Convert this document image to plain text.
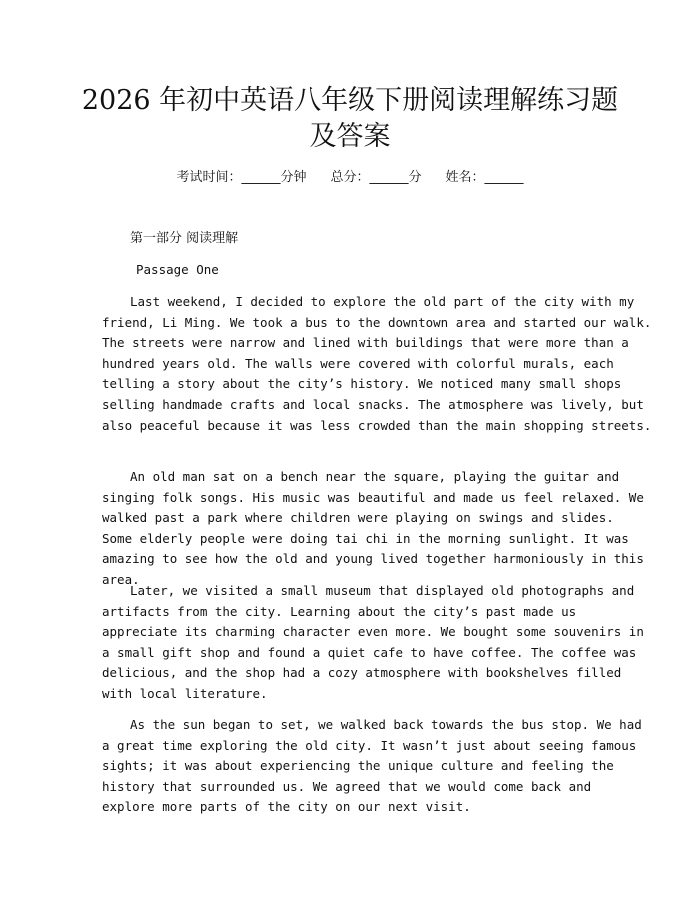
2026 年初中英语八年级下册阅读理解练习题
及答案
考试时间：______分钟 总分：______分 姓名：______
第一部分 阅读理解
Passage One
Last weekend, I decided to explore the old part of the city with my
friend, Li Ming. We took a bus to the downtown area and started our walk.
The streets were narrow and lined with buildings that were more than a
hundred years old. The walls were covered with colorful murals, each
telling a story about the city’s history. We noticed many small shops
selling handmade crafts and local snacks. The atmosphere was lively, but
also peaceful because it was less crowded than the main shopping streets.
An old man sat on a bench near the square, playing the guitar and
singing folk songs. His music was beautiful and made us feel relaxed. We
walked past a park where children were playing on swings and slides.
Some elderly people were doing tai chi in the morning sunlight. It was
amazing to see how the old and young lived together harmoniously in this
area.
Later, we visited a small museum that displayed old photographs and
artifacts from the city. Learning about the city’s past made us
appreciate its charming character even more. We bought some souvenirs in
a small gift shop and found a quiet cafe to have coffee. The coffee was
delicious, and the shop had a cozy atmosphere with bookshelves filled
with local literature.
As the sun began to set, we walked back towards the bus stop. We had
a great time exploring the old city. It wasn’t just about seeing famous
sights; it was about experiencing the unique culture and feeling the
history that surrounded us. We agreed that we would come back and
explore more parts of the city on our next visit.
